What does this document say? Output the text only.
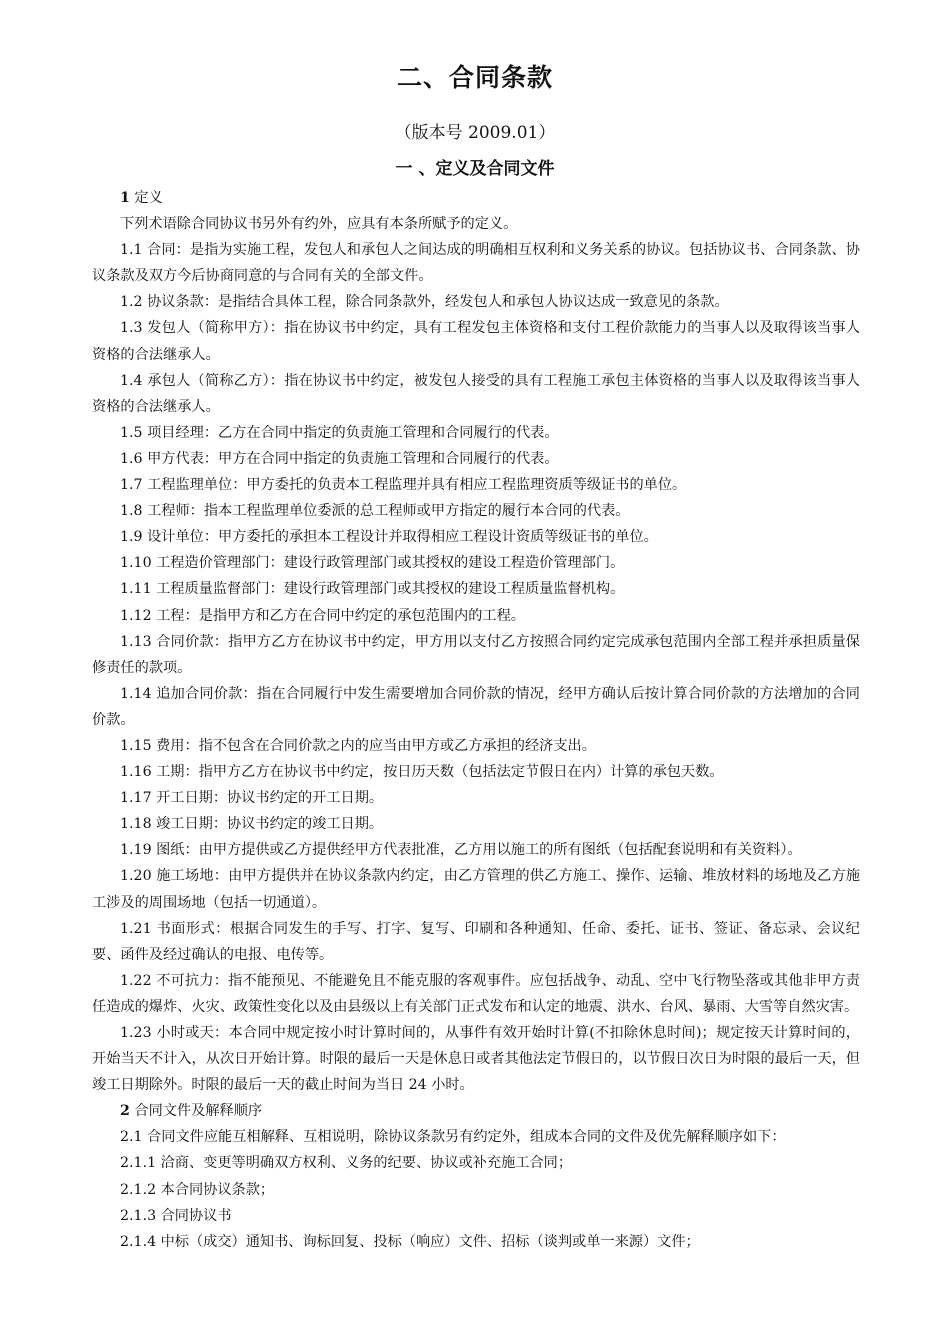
二、合同条款

（版本号 2009.01）

一 、定义及合同文件

1 定义

下列术语除合同协议书另外有约外，应具有本条所赋予的定义。

1.1 合同：是指为实施工程，发包人和承包人之间达成的明确相互权利和义务关系的协议。包括协议书、合同条款、协议条款及双方今后协商同意的与合同有关的全部文件。

1.2 协议条款：是指结合具体工程，除合同条款外，经发包人和承包人协议达成一致意见的条款。

1.3 发包人（简称甲方）：指在协议书中约定，具有工程发包主体资格和支付工程价款能力的当事人以及取得该当事人资格的合法继承人。

1.4 承包人（简称乙方）：指在协议书中约定，被发包人接受的具有工程施工承包主体资格的当事人以及取得该当事人资格的合法继承人。

1.5 项目经理：乙方在合同中指定的负责施工管理和合同履行的代表。

1.6 甲方代表：甲方在合同中指定的负责施工管理和合同履行的代表。

1.7 工程监理单位：甲方委托的负责本工程监理并具有相应工程监理资质等级证书的单位。

1.8 工程师：指本工程监理单位委派的总工程师或甲方指定的履行本合同的代表。

1.9 设计单位：甲方委托的承担本工程设计并取得相应工程设计资质等级证书的单位。

1.10 工程造价管理部门：建设行政管理部门或其授权的建设工程造价管理部门。

1.11 工程质量监督部门：建设行政管理部门或其授权的建设工程质量监督机构。

1.12 工程：是指甲方和乙方在合同中约定的承包范围内的工程。

1.13 合同价款：指甲方乙方在协议书中约定，甲方用以支付乙方按照合同约定完成承包范围内全部工程并承担质量保修责任的款项。

1.14 追加合同价款：指在合同履行中发生需要增加合同价款的情况，经甲方确认后按计算合同价款的方法增加的合同价款。

1.15 费用：指不包含在合同价款之内的应当由甲方或乙方承担的经济支出。

1.16 工期：指甲方乙方在协议书中约定，按日历天数（包括法定节假日在内）计算的承包天数。

1.17 开工日期：协议书约定的开工日期。

1.18 竣工日期：协议书约定的竣工日期。

1.19 图纸：由甲方提供或乙方提供经甲方代表批准，乙方用以施工的所有图纸（包括配套说明和有关资料）。

1.20 施工场地：由甲方提供并在协议条款内约定，由乙方管理的供乙方施工、操作、运输、堆放材料的场地及乙方施工涉及的周围场地（包括一切通道）。

1.21 书面形式：根据合同发生的手写、打字、复写、印刷和各种通知、任命、委托、证书、签证、备忘录、会议纪要、函件及经过确认的电报、电传等。

1.22 不可抗力：指不能预见、不能避免且不能克服的客观事件。应包括战争、动乱、空中飞行物坠落或其他非甲方责任造成的爆炸、火灾、政策性变化以及由县级以上有关部门正式发布和认定的地震、洪水、台风、暴雨、大雪等自然灾害。

1.23 小时或天：本合同中规定按小时计算时间的，从事件有效开始时计算(不扣除休息时间)；规定按天计算时间的，开始当天不计入，从次日开始计算。时限的最后一天是休息日或者其他法定节假日的，以节假日次日为时限的最后一天，但竣工日期除外。时限的最后一天的截止时间为当日 24 小时。

2 合同文件及解释顺序

2.1 合同文件应能互相解释、互相说明，除协议条款另有约定外，组成本合同的文件及优先解释顺序如下：

2.1.1 洽商、变更等明确双方权利、义务的纪要、协议或补充施工合同；

2.1.2 本合同协议条款；

2.1.3 合同协议书

2.1.4 中标（成交）通知书、询标回复、投标（响应）文件、招标（谈判或单一来源）文件；
